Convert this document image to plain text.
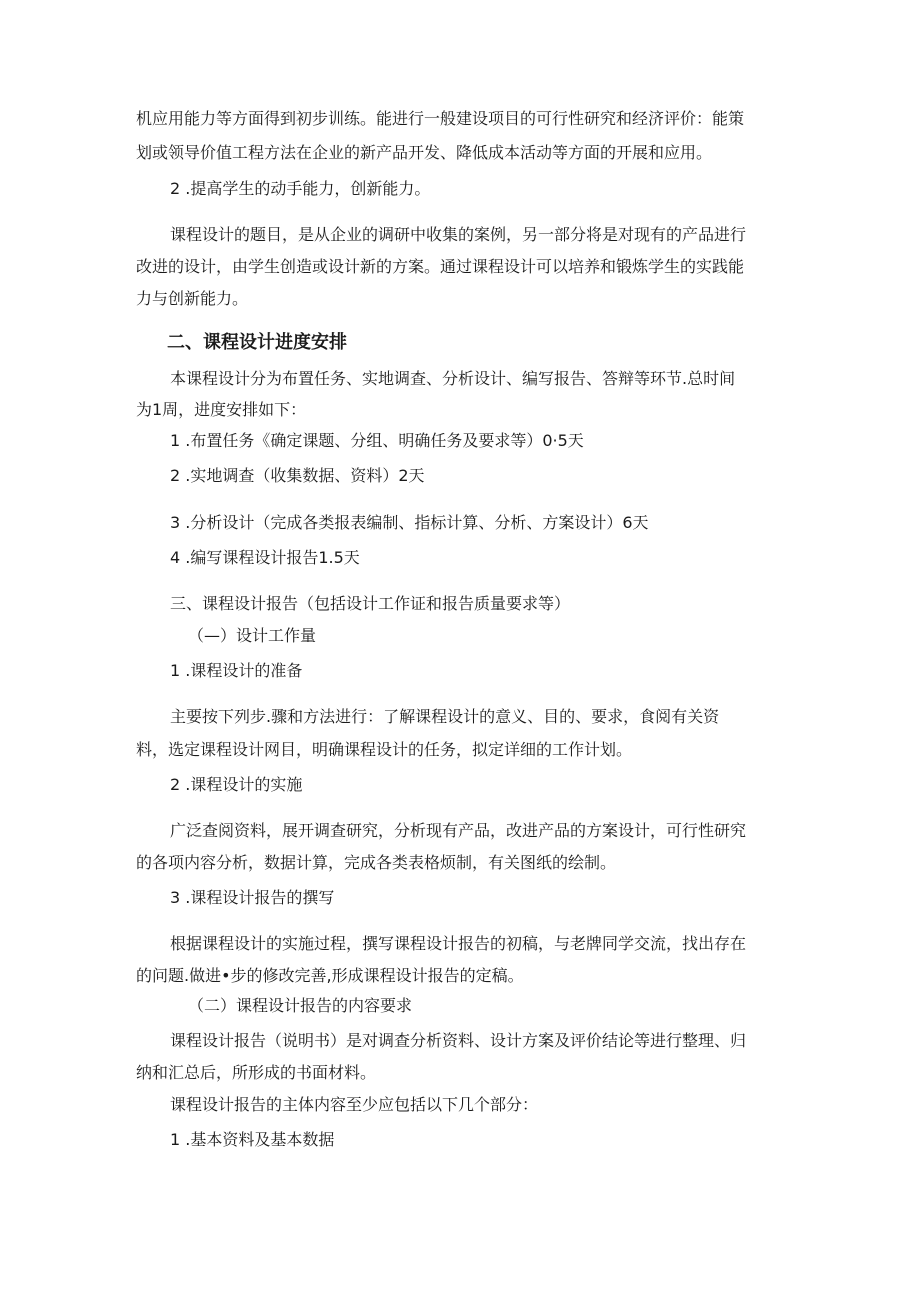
机应用能力等方面得到初步训练。能进行一般建设项目的可行性研究和经济评价：能策
划或领导价值工程方法在企业的新产品开发、降低成本活动等方面的开展和应用。
2 .提高学生的动手能力，创新能力。
课程设计的题目，是从企业的调研中收集的案例，另一部分将是对现有的产品进行
改进的设计，由学生创造或设计新的方案。通过课程设计可以培养和锻炼学生的实践能
力与创新能力。
二、课程设计进度安排
本课程设计分为布置任务、实地调查、分析设计、编写报告、答辩等环节.总时间
为1周，进度安排如下：
1 .布置任务《确定课题、分组、明确任务及要求等）0·5天
2 .实地调查（收集数据、资料）2天
3 .分析设计（完成各类报表编制、指标计算、分析、方案设计）6天
4 .编写课程设计报告1.5天
三、课程设计报告（包括设计工作证和报告质量要求等）
（—）设计工作量
1 .课程设计的准备
主要按下列步.骤和方法进行：了解课程设计的意义、目的、要求，食阅有关资
料，选定课程设计网目，明确课程设计的任务，拟定详细的工作计划。
2 .课程设计的实施
广泛查阅资料，展开调查研究，分析现有产品，改进产品的方案设计，可行性研究
的各项内容分析，数据计算，完成各类表格烦制，有关图纸的绘制。
3 .课程设计报告的撰写
根据课程设计的实施过程，撰写课程设计报告的初稿，与老牌同学交流，找出存在
的问题.做进•步的修改完善,形成课程设计报告的定稿。
（二）课程设计报告的内容要求
课程设计报告（说明书）是对调查分析资料、设计方案及评价结论等进行整理、归
纳和汇总后，所形成的书面材料。
课程设计报告的主体内容至少应包括以下几个部分：
1 .基本资料及基本数据
